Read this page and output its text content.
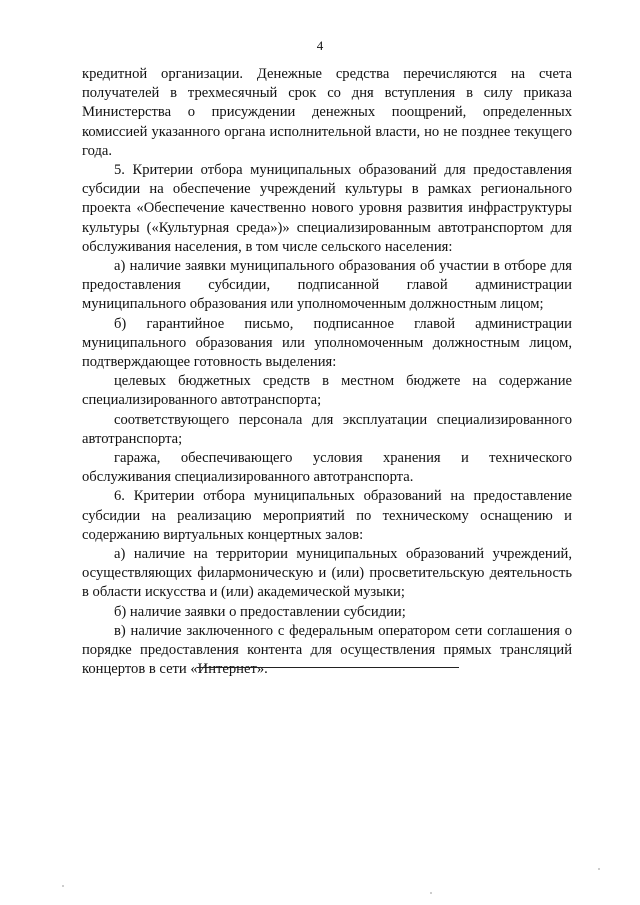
4

кредитной организации. Денежные средства перечисляются на счета получателей в трехмесячный срок со дня вступления в силу приказа Министерства о присуждении денежных поощрений, определенных комиссией указанного органа исполнительной власти, но не позднее текущего года.

5. Критерии отбора муниципальных образований для предоставления субсидии на обеспечение учреждений культуры в рамках регионального проекта «Обеспечение качественно нового уровня развития инфраструктуры культуры («Культурная среда»)» специализированным автотранспортом для обслуживания населения, в том числе сельского населения:

а) наличие заявки муниципального образования об участии в отборе для предоставления субсидии, подписанной главой администрации муниципального образования или уполномоченным должностным лицом;

б) гарантийное письмо, подписанное главой администрации муниципального образования или уполномоченным должностным лицом, подтверждающее готовность выделения:

целевых бюджетных средств в местном бюджете на содержание специализированного автотранспорта;

соответствующего персонала для эксплуатации специализированного автотранспорта;

гаража, обеспечивающего условия хранения и технического обслуживания специализированного автотранспорта.

6. Критерии отбора муниципальных образований на предоставление субсидии на реализацию мероприятий по техническому оснащению и содержанию виртуальных концертных залов:

а) наличие на территории муниципальных образований учреждений, осуществляющих филармоническую и (или) просветительскую деятельность в области искусства и (или) академической музыки;

б) наличие заявки о предоставлении субсидии;

в) наличие заключенного с федеральным оператором сети соглашения о порядке предоставления контента для осуществления прямых трансляций концертов в сети «Интернет».
